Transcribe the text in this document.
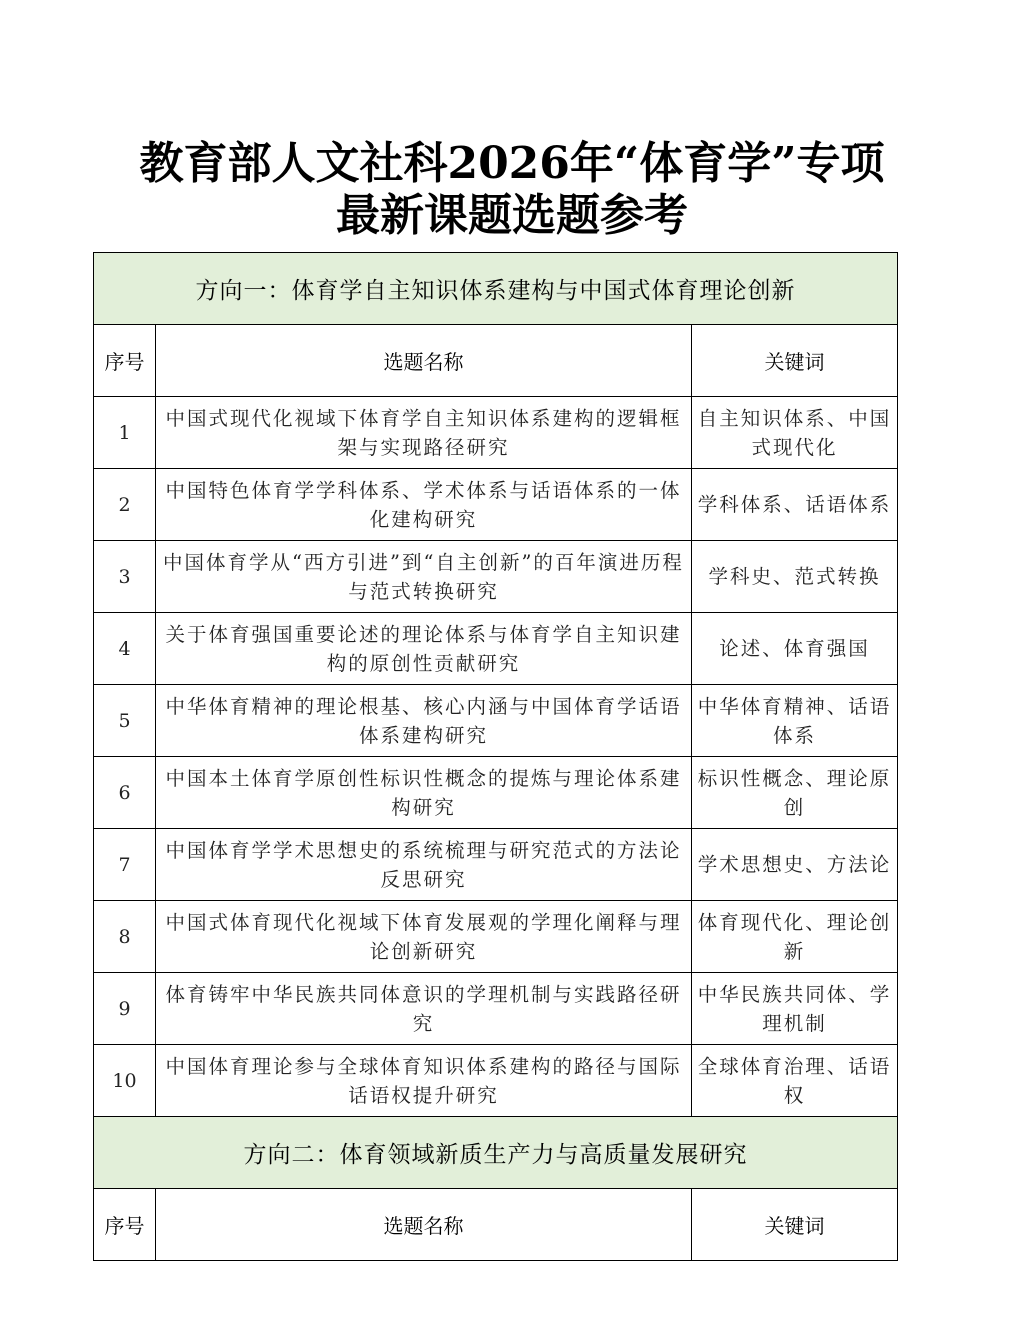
教育部人文社科2026年“体育学”专项
最新课题选题参考
方向一：体育学自主知识体系建构与中国式体育理论创新		
序号	选题名称	关键词
1	中国式现代化视域下体育学自主知识体系建构的逻辑框架与实现路径研究	自主知识体系、中国式现代化
2	中国特色体育学学科体系、学术体系与话语体系的一体化建构研究	学科体系、话语体系
3	中国体育学从“西方引进”到“自主创新”的百年演进历程与范式转换研究	学科史、范式转换
4	关于体育强国重要论述的理论体系与体育学自主知识建构的原创性贡献研究	论述、体育强国
5	中华体育精神的理论根基、核心内涵与中国体育学话语体系建构研究	中华体育精神、话语体系
6	中国本土体育学原创性标识性概念的提炼与理论体系建构研究	标识性概念、理论原创
7	中国体育学学术思想史的系统梳理与研究范式的方法论反思研究	学术思想史、方法论
8	中国式体育现代化视域下体育发展观的学理化阐释与理论创新研究	体育现代化、理论创新
9	体育铸牢中华民族共同体意识的学理机制与实践路径研究	中华民族共同体、学理机制
10	中国体育理论参与全球体育知识体系建构的路径与国际话语权提升研究	全球体育治理、话语权
方向二：体育领域新质生产力与高质量发展研究		
序号	选题名称	关键词
